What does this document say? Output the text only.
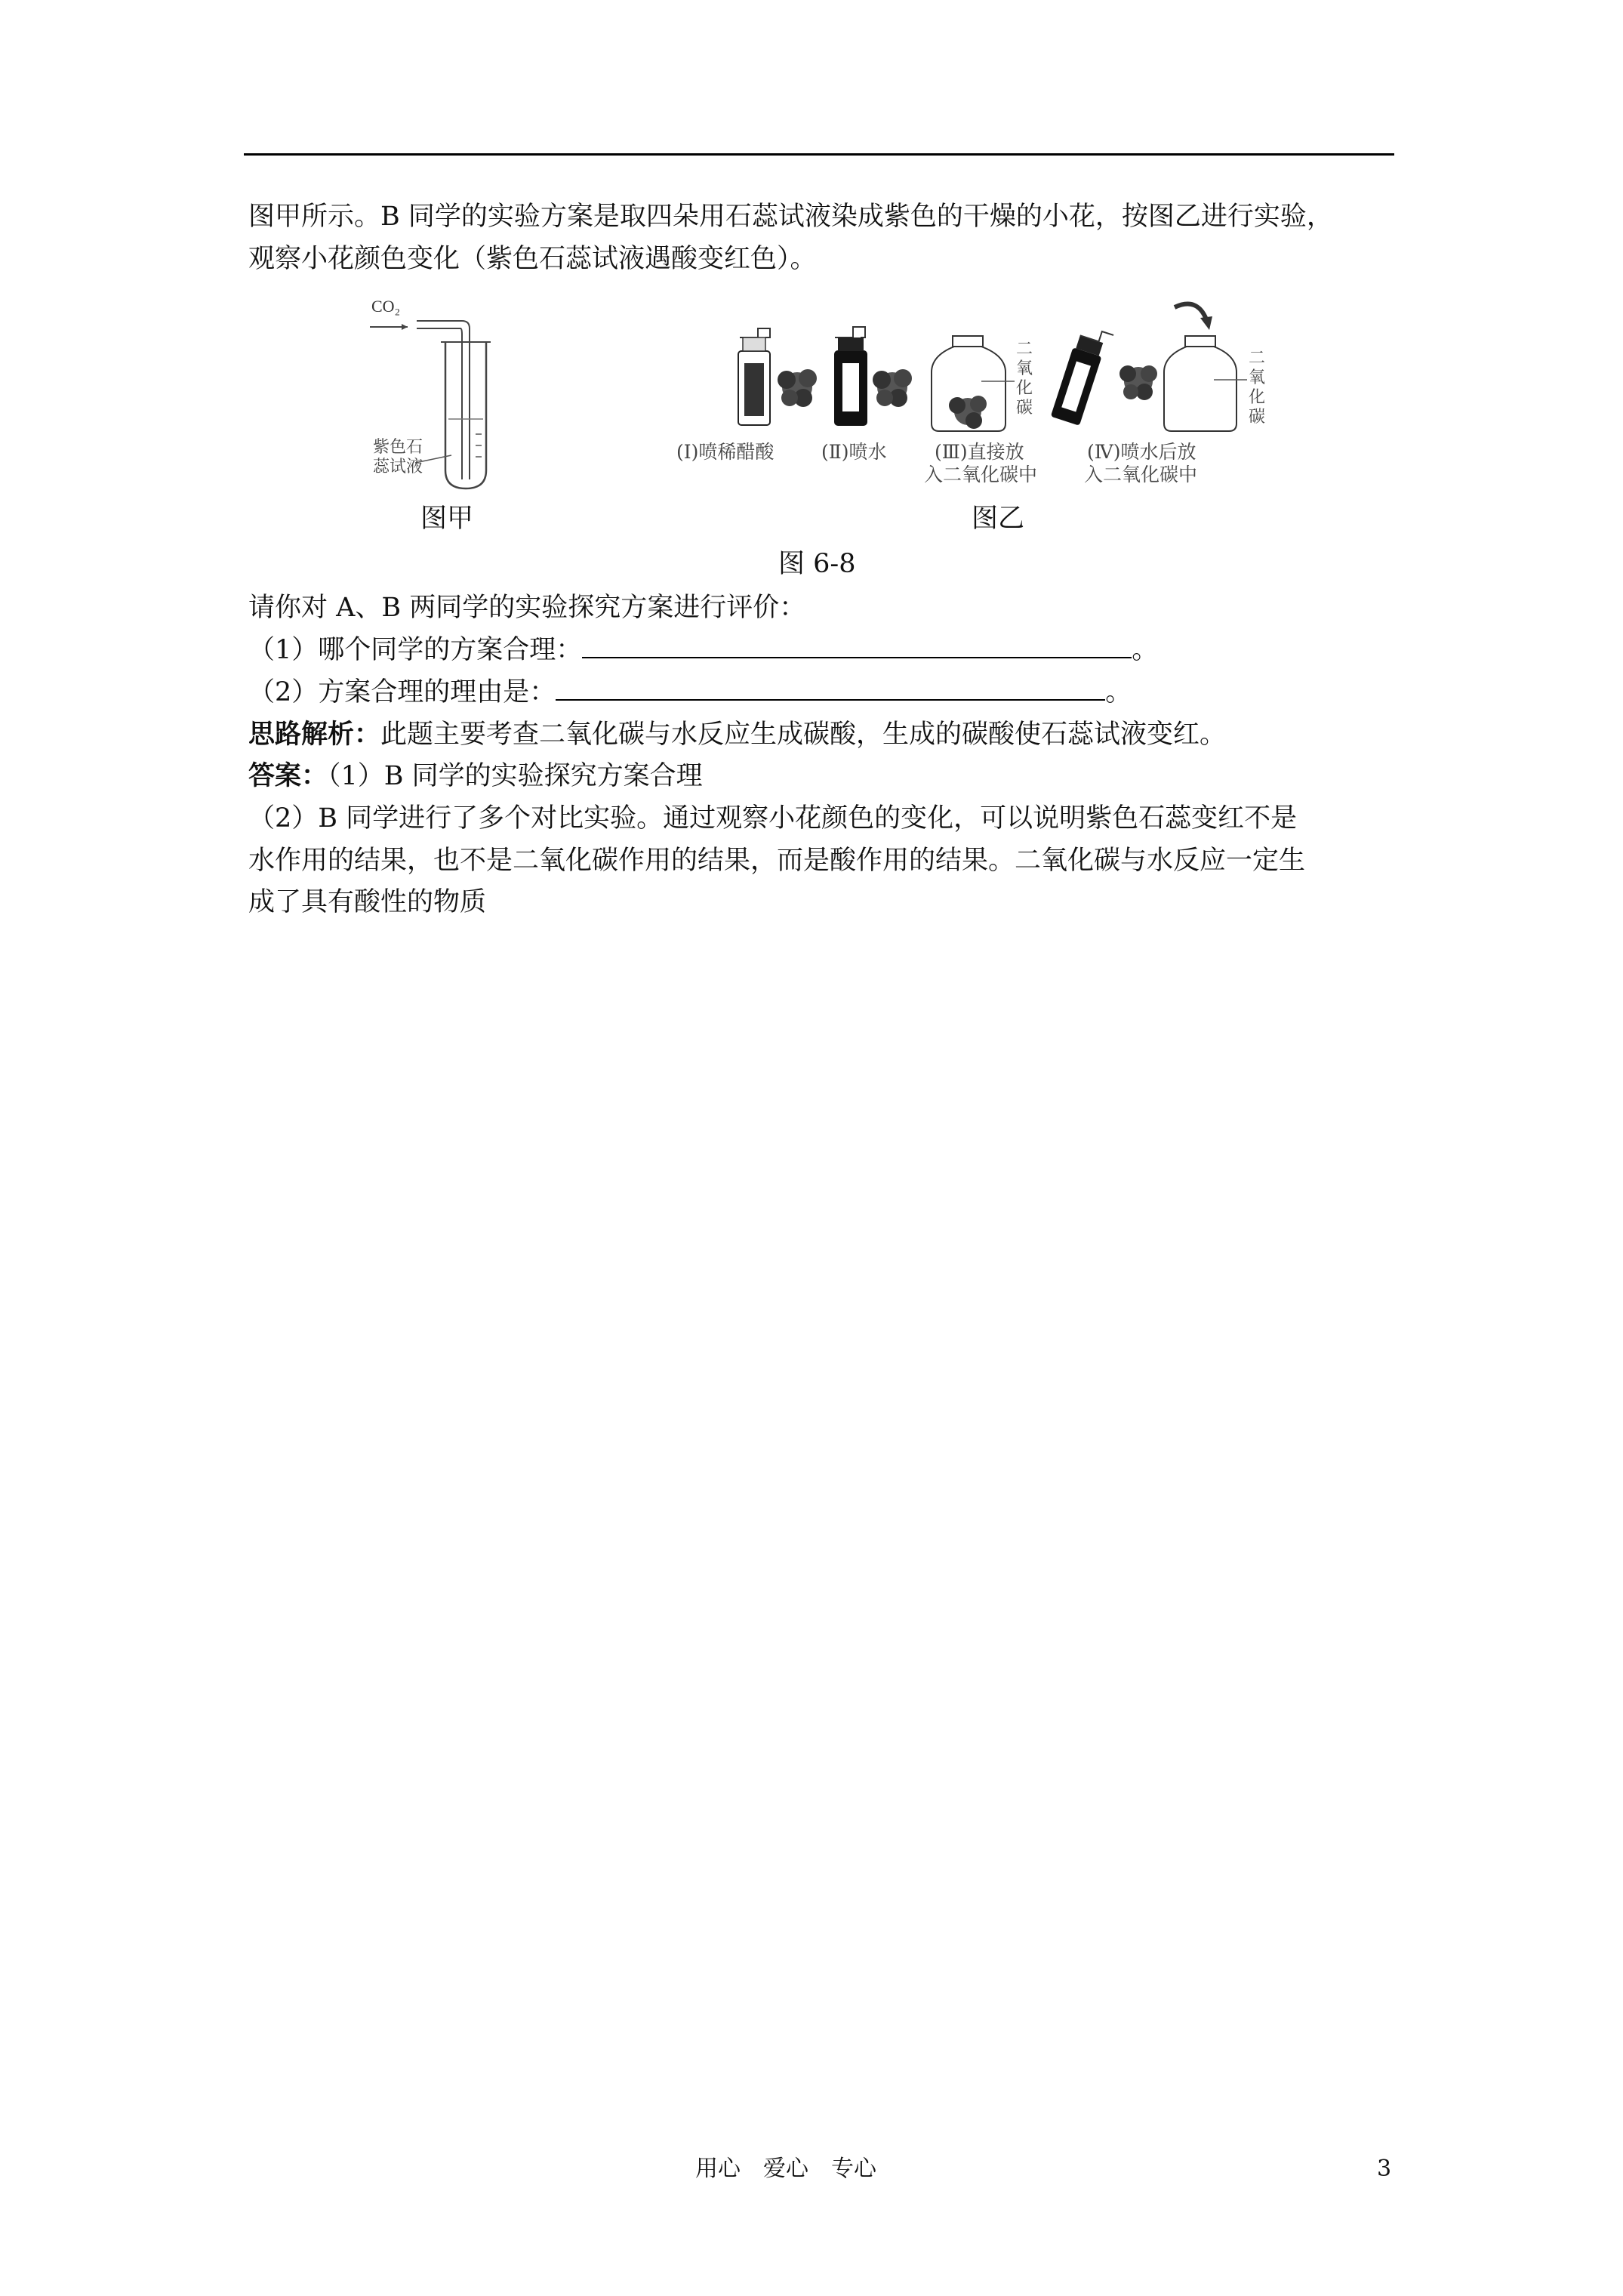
图甲所示。B 同学的实验方案是取四朵用石蕊试液染成紫色的干燥的小花，按图乙进行实验，
观察小花颜色变化（紫色石蕊试液遇酸变红色）。
CO₂
紫色石
蕊试液
二
氧
化
碳
二
氧
化
碳
(Ⅰ)喷稀醋酸	(Ⅱ)喷水	(Ⅲ)直接放
入二氧化碳中
(Ⅳ)喷水后放
入二氧化碳中
图甲	图乙
图 6-8
请你对 A、B 两同学的实验探究方案进行评价：
（1）哪个同学的方案合理：	。
（2）方案合理的理由是：	。
思路解析：此题主要考查二氧化碳与水反应生成碳酸，生成的碳酸使石蕊试液变红。
答案：（1）B 同学的实验探究方案合理
（2）B 同学进行了多个对比实验。通过观察小花颜色的变化，可以说明紫色石蕊变红不是
水作用的结果，也不是二氧化碳作用的结果，而是酸作用的结果。二氧化碳与水反应一定生
成了具有酸性的物质
用心　爱心　专心	3
